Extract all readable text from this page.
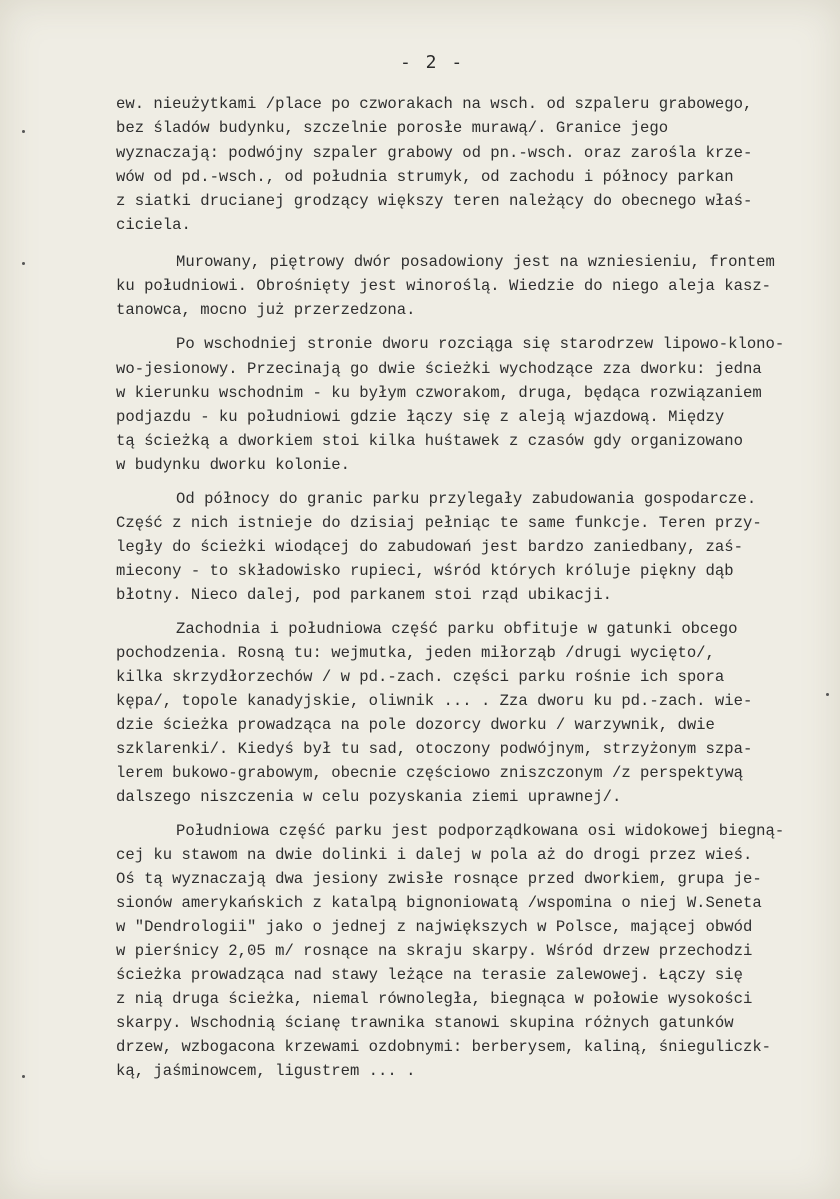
- 2 -
ew. nieużytkami /place po czworakach na wsch. od szpaleru grabowego,
bez śladów budynku, szczelnie porosłe murawą/. Granice jego
wyznaczają: podwójny szpaler grabowy od pn.-wsch. oraz zarośla krze-
wów od pd.-wsch., od południa strumyk, od zachodu i północy parkan
z siatki drucianej grodzący większy teren należący do obecnego właś-
ciciela.
Murowany, piętrowy dwór posadowiony jest na wzniesieniu, frontem
ku południowi. Obrośnięty jest winoroślą. Wiedzie do niego aleja kasz-
tanowca, mocno już przerzedzona.
Po wschodniej stronie dworu rozciąga się starodrzew lipowo-klono-
wo-jesionowy. Przecinają go dwie ścieżki wychodzące zza dworku: jedna
w kierunku wschodnim - ku byłym czworakom, druga, będąca rozwiązaniem
podjazdu - ku południowi gdzie łączy się z aleją wjazdową. Między
tą ścieżką a dworkiem stoi kilka huśtawek z czasów gdy organizowano
w budynku dworku kolonie.
Od północy do granic parku przylegały zabudowania gospodarcze.
Część z nich istnieje do dzisiaj pełniąc te same funkcje. Teren przy-
legły do ścieżki wiodącej do zabudowań jest bardzo zaniedbany, zaś-
miecony - to składowisko rupieci, wśród których króluje piękny dąb
błotny. Nieco dalej, pod parkanem stoi rząd ubikacji.
Zachodnia i południowa część parku obfituje w gatunki obcego
pochodzenia. Rosną tu: wejmutka, jeden miłorząb /drugi wycięto/,
kilka skrzydłorzechów / w pd.-zach. części parku rośnie ich spora
kępa/, topole kanadyjskie, oliwnik ... . Zza dworu ku pd.-zach. wie-
dzie ścieżka prowadząca na pole dozorcy dworku / warzywnik, dwie
szklarenki/. Kiedyś był tu sad, otoczony podwójnym, strzyżonym szpa-
lerem bukowo-grabowym, obecnie częściowo zniszczonym /z perspektywą
dalszego niszczenia w celu pozyskania ziemi uprawnej/.
Południowa część parku jest podporządkowana osi widokowej biegną-
cej ku stawom na dwie dolinki i dalej w pola aż do drogi przez wieś.
Oś tą wyznaczają dwa jesiony zwisłe rosnące przed dworkiem, grupa je-
sionów amerykańskich z katalpą bignoniowatą /wspomina o niej W.Seneta
w "Dendrologii" jako o jednej z największych w Polsce, mającej obwód
w pierśnicy 2,05 m/ rosnące na skraju skarpy. Wśród drzew przechodzi
ścieżka prowadząca nad stawy leżące na terasie zalewowej. Łączy się
z nią druga ścieżka, niemal równoległa, biegnąca w połowie wysokości
skarpy. Wschodnią ścianę trawnika stanowi skupina różnych gatunków
drzew, wzbogacona krzewami ozdobnymi: berberysem, kaliną, śnieguliczk-
ką, jaśminowcem, ligustrem ... .
